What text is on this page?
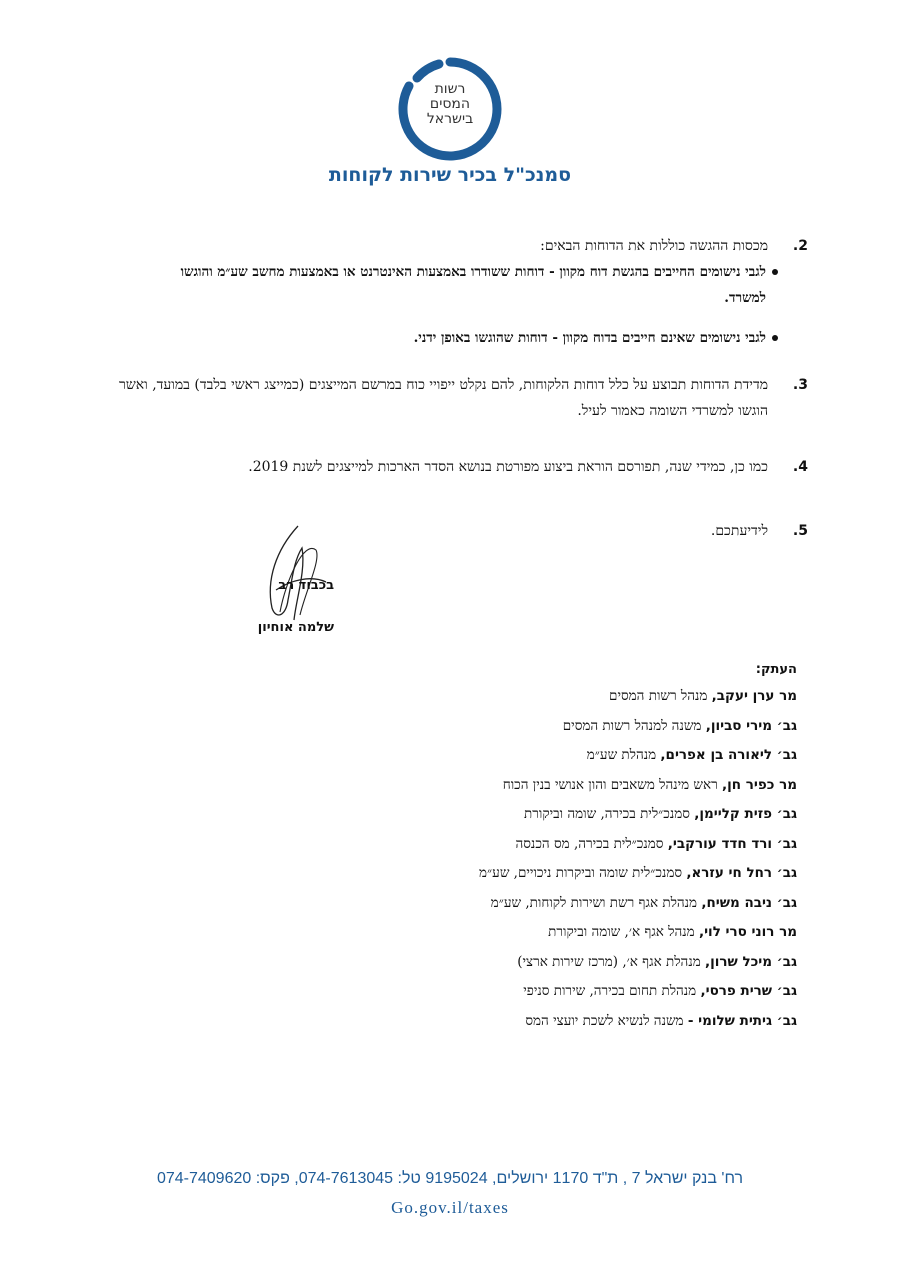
רשות
המסים
בישראל
סמנכ"ל בכיר שירות לקוחות
2.
מכסות ההגשה כוללות את הדוחות הבאים:
לגבי נישומים החייבים בהגשת דוח מקוון - דוחות ששודרו באמצעות האינטרנט או באמצעות מחשב שע״מ והוגשו למשרד.
לגבי נישומים שאינם חייבים בדוח מקוון - דוחות שהוגשו באופן ידני.
3.
מדידת הדוחות תבוצע על כלל דוחות הלקוחות, להם נקלט ייפויי כוח במרשם המייצגים (כמייצג ראשי בלבד) במועד, ואשר הוגשו למשרדי השומה כאמור לעיל.
4.
כמו כן, כמידי שנה, תפורסם הוראת ביצוע מפורטת בנושא הסדר הארכות למייצגים לשנת 2019.
5.
לידיעתכם.
בכבוד רב
שלמה אוחיון
העתק:
מר ערן יעקב, מנהל רשות המסים
גב׳ מירי סביון, משנה למנהל רשות המסים
גב׳ ליאורה בן אפרים, מנהלת שע״מ
מר כפיר חן, ראש מינהל משאבים והון אנושי בנין הכוח
גב׳ פזית קליימן, סמנכ״לית בכירה, שומה וביקורת
גב׳ ורד חדד עורקבי, סמנכ״לית בכירה, מס הכנסה
גב׳ רחל חי עזרא, סמנכ״לית שומה וביקרות ניכויים, שע״מ
גב׳ ניבה משיח, מנהלת אגף רשת ושירות לקוחות, שע״מ
מר רוני סרי לוי, מנהל אגף א׳, שומה וביקורת
גב׳ מיכל שרון, מנהלת אגף א׳, (מרכז שירות ארצי)
גב׳ שרית פרסי, מנהלת תחום בכירה, שירות סניפי
גב׳ גיתית שלומי - משנה לנשיא לשכת יועצי המס
רח' בנק ישראל 7 , ת"ד 1170 ירושלים, 9195024 טל: 074-7613045, פקס: 074-7409620
Go.gov.il/taxes
